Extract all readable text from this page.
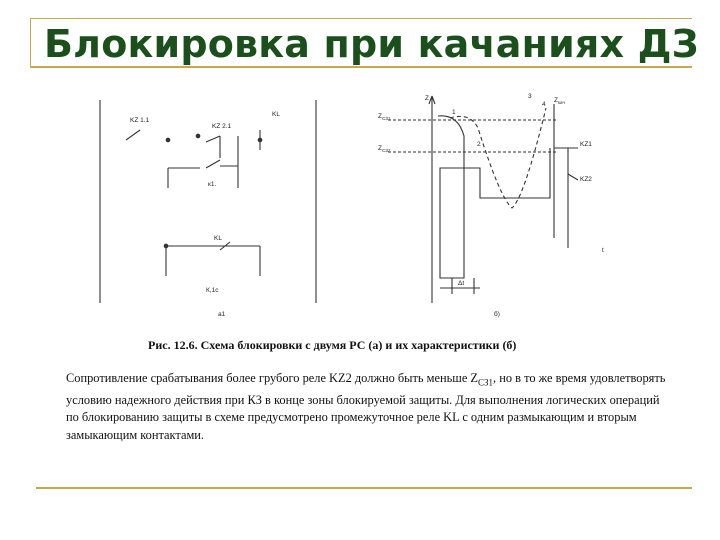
Блокировка при качаниях ДЗ
KZ 1.1
KZ 2.1
KL
к1.
KL
К,1с
a1
Z
$Z_{CЗ1}$
$Z_{CЗ2}$
$Z_{кач}$
1
2
3
4
KZ1
KZ2
t
Δt
б)
Рис. 12.6. Схема блокировки с двумя РС (а) и их характеристики (б)

Сопротивление срабатывания более грубого реле KZ2 должно быть меньше $Z_{CЗ1}$, но в то же время удовлетворять условию надежного действия при КЗ в конце зоны блокируемой защиты. Для выполнения логических операций по блокированию защиты в схеме предусмотрено промежуточное реле KL с одним размыкающим и вторым замыкающим контактами.
